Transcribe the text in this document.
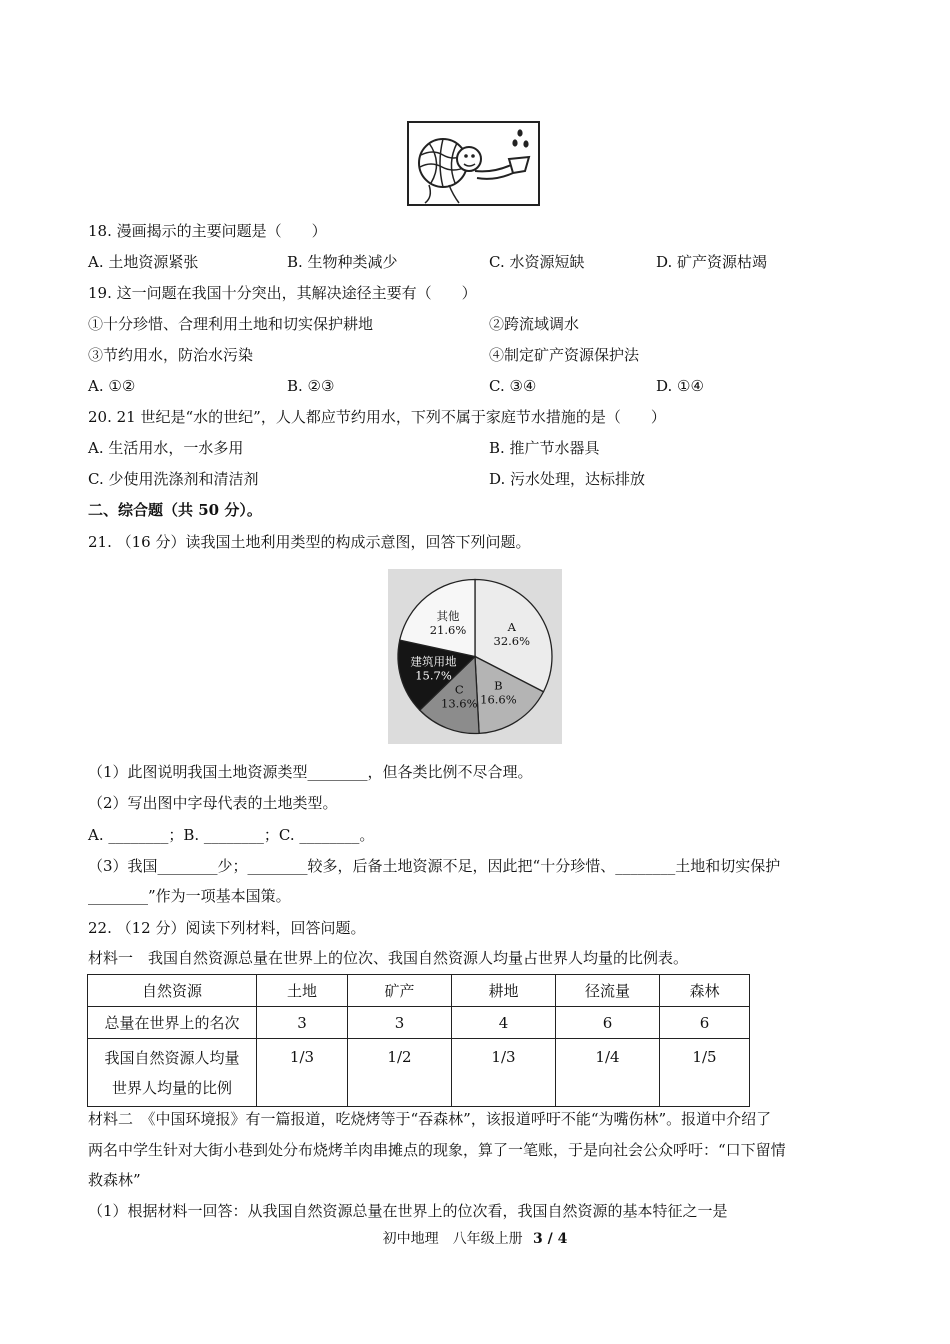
18. 漫画揭示的主要问题是（　　）
A. 土地资源紧张	B. 生物种类减少	C. 水资源短缺	D. 矿产资源枯竭
19. 这一问题在我国十分突出，其解决途径主要有（　　）
①十分珍惜、合理利用土地和切实保护耕地	②跨流域调水
③节约用水，防治水污染	④制定矿产资源保护法
A. ①②	B. ②③	C. ③④	D. ①④
20. 21 世纪是“水的世纪”，人人都应节约用水，下列不属于家庭节水措施的是（　　）
A. 生活用水，一水多用	B. 推广节水器具
C. 少使用洗涤剂和清洁剂	D. 污水处理，达标排放
二、综合题（共 50 分）。
21. （16 分）读我国土地利用类型的构成示意图，回答下列问题。
A
32.6%
B
16.6%
C
13.6%
建筑用地
15.7%
其他
21.6%
（1）此图说明我国土地资源类型________，但各类比例不尽合理。
（2）写出图中字母代表的土地类型。
A. ________；B. ________；C. ________。
（3）我国________少；________较多，后备土地资源不足，因此把“十分珍惜、________土地和切实保护
________”作为一项基本国策。
22. （12 分）阅读下列材料，回答问题。
材料一　我国自然资源总量在世界上的位次、我国自然资源人均量占世界人均量的比例表。
自然资源	土地	矿产	耕地	径流量	森林
总量在世界上的名次	3	3	4	6	6

我国自然资源人均量
世界人均量的比例	1/3	1/2	1/3	1/4	1/5
材料二　《中国环境报》有一篇报道，吃烧烤等于“吞森林”，该报道呼吁不能“为嘴伤林”。报道中介绍了
两名中学生针对大街小巷到处分布烧烤羊肉串摊点的现象，算了一笔账，于是向社会公众呼吁：“口下留情
救森林”
（1）根据材料一回答：从我国自然资源总量在世界上的位次看，我国自然资源的基本特征之一是
初中地理　八年级上册 3 / 4
